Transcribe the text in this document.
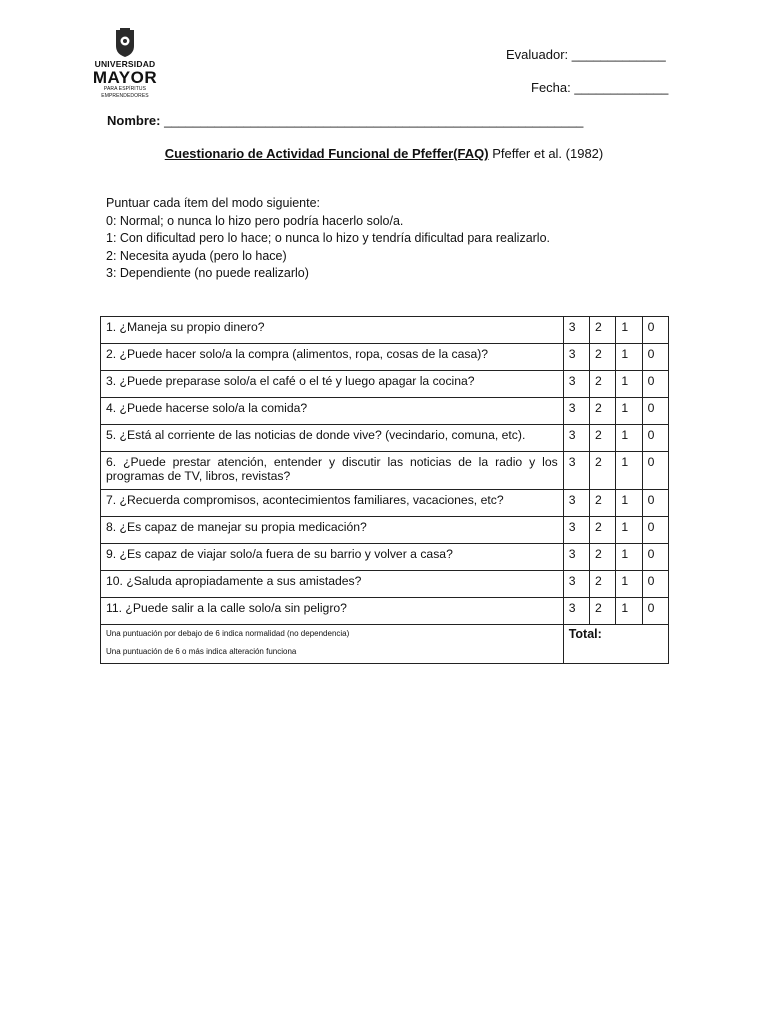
UNIVERSIDAD
MAYOR
PARA ESPÍRITUS EMPRENDEDORES
Evaluador: _____________
Fecha: _____________
Nombre: __________________________________________________________
Cuestionario de Actividad Funcional de Pfeffer(FAQ) Pfeffer et al. (1982)
Puntuar cada ítem del modo siguiente:
0: Normal; o nunca lo hizo pero podría hacerlo solo/a.
1: Con dificultad pero lo hace; o nunca lo hizo y tendría dificultad para realizarlo.
2: Necesita ayuda (pero lo hace)
3: Dependiente (no puede realizarlo)
1. ¿Maneja su propio dinero?	3	2	1	0
2. ¿Puede hacer solo/a la compra (alimentos, ropa, cosas de la casa)?	3	2	1	0
3. ¿Puede preparase solo/a el café o el té y luego apagar la cocina?	3	2	1	0
4. ¿Puede hacerse solo/a la comida?	3	2	1	0
5. ¿Está al corriente de las noticias de donde vive? (vecindario, comuna, etc).	3	2	1	0
6. ¿Puede prestar atención, entender y discutir las noticias de la radio y los programas de TV, libros, revistas?	3	2	1	0
7. ¿Recuerda compromisos, acontecimientos familiares, vacaciones, etc?	3	2	1	0
8. ¿Es capaz de manejar su propia medicación?	3	2	1	0
9. ¿Es capaz de viajar solo/a fuera de su barrio y volver a casa?	3	2	1	0
10. ¿Saluda apropiadamente a sus amistades?	3	2	1	0
11. ¿Puede salir a la calle solo/a sin peligro?	3	2	1	0

Una puntuación por debajo de 6 indica normalidad (no dependencia)
Una puntuación de 6 o más indica alteración funciona	Total:			
